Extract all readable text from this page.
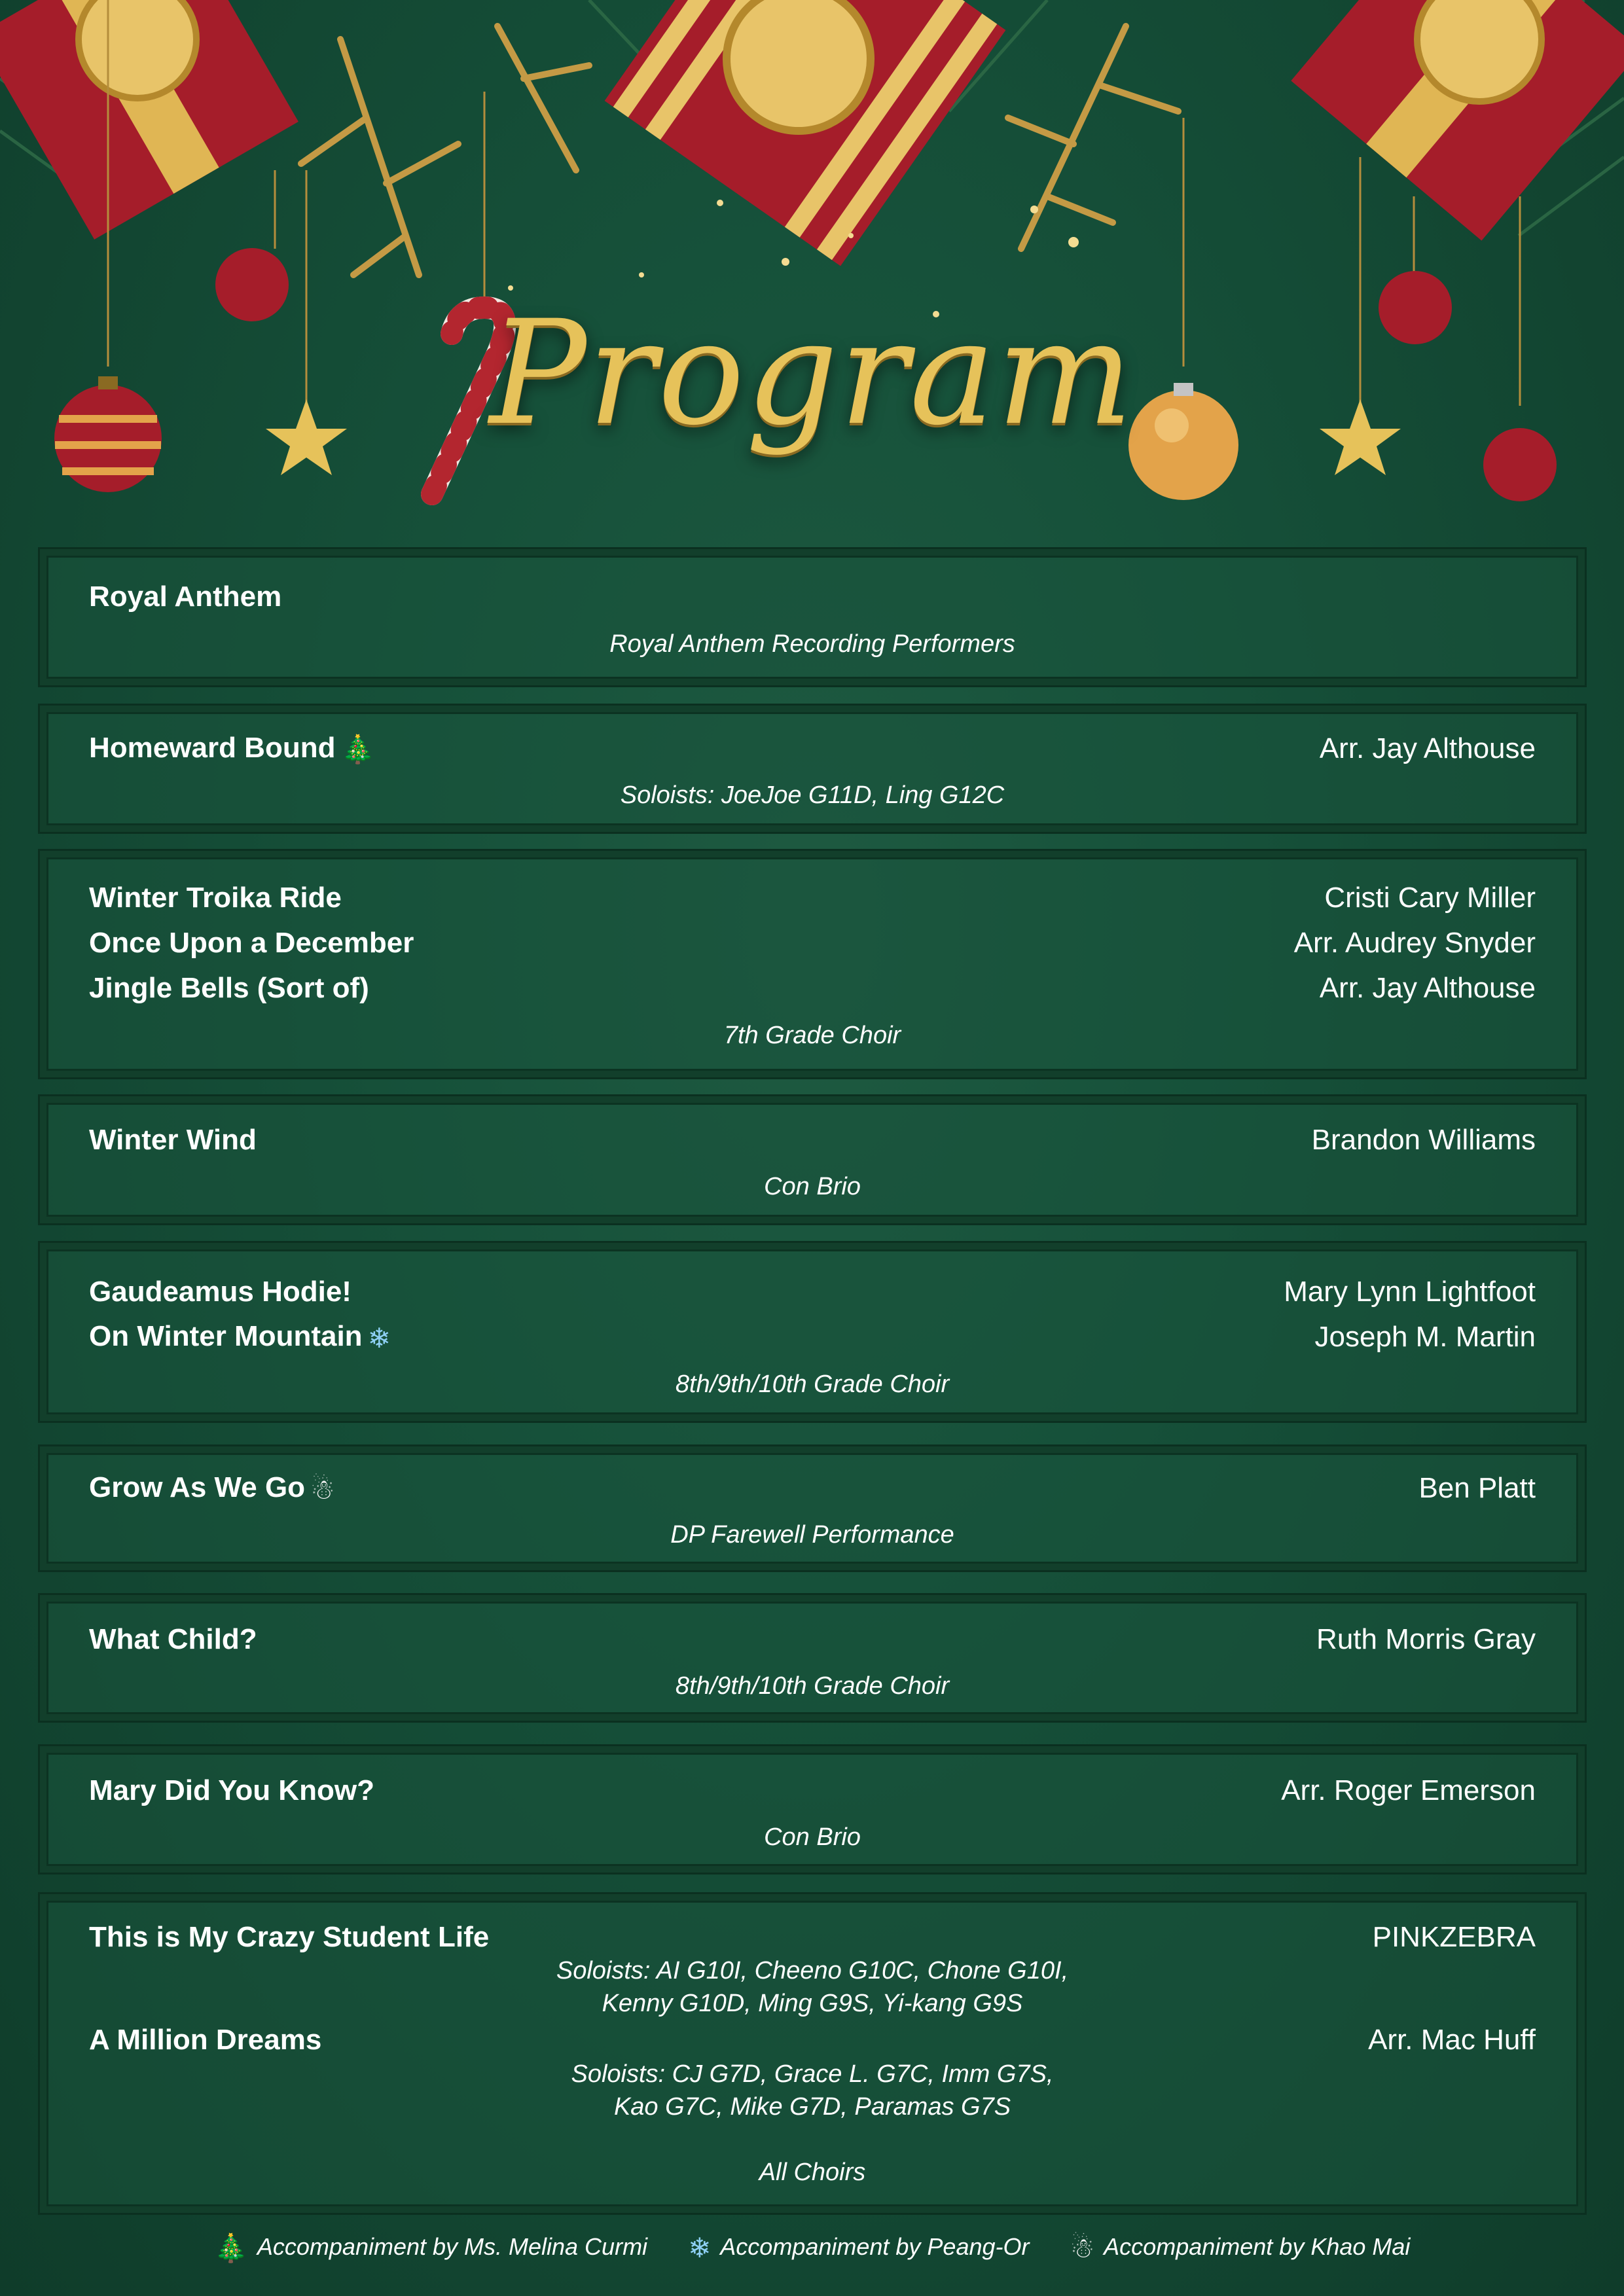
Program
Royal Anthem
Royal Anthem Recording Performers
Homeward Bound 🎄	Arr. Jay Althouse
Soloists: JoeJoe G11D, Ling G12C
Winter Troika Ride	Cristi Cary Miller
Once Upon a December	Arr. Audrey Snyder
Jingle Bells (Sort of)	Arr. Jay Althouse
7th Grade Choir
Winter Wind	Brandon Williams
Con Brio
Gaudeamus Hodie!	Mary Lynn Lightfoot
On Winter Mountain ❄	Joseph M. Martin
8th/9th/10th Grade Choir
Grow As We Go ☃	Ben Platt
DP Farewell Performance
What Child?	Ruth Morris Gray
8th/9th/10th Grade Choir
Mary Did You Know?	Arr. Roger Emerson
Con Brio
This is My Crazy Student Life	PINKZEBRA
Soloists: AI G10I, Cheeno G10C, Chone G10I,
Kenny G10D, Ming G9S, Yi-kang G9S
A Million Dreams	Arr. Mac Huff
Soloists: CJ G7D, Grace L. G7C, Imm G7S,
Kao G7C, Mike G7D, Paramas G7S
All Choirs
🎄 Accompaniment by Ms. Melina Curmi ❄ Accompaniment by Peang-Or ☃ Accompaniment by Khao Mai
